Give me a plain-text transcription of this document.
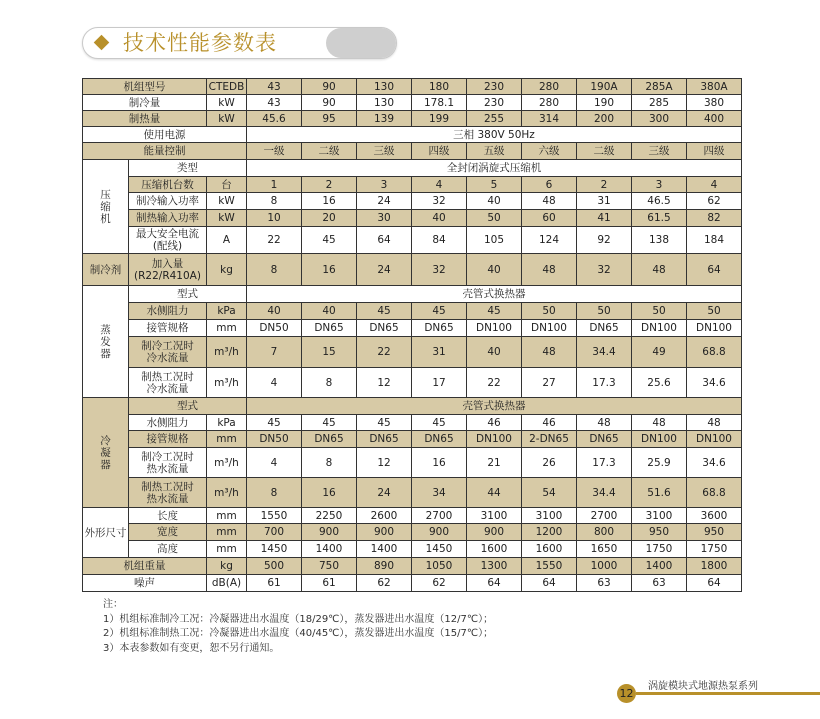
技术性能参数表
机组型号		CTEDB	43	90	130	180	230	280	190A	285A	380A
制冷量		kW	43	90	130	178.1	230	280	190	285	380
制热量		kW	45.6	95	139	199	255	314	200	300	400
使用电源			三相 380V 50Hz								
能量控制			一级	二级	三级	四级	五级	六级	二级	三级	四级
压
缩
机	类型		全封闭涡旋式压缩机								
	压缩机台数	台	1	2	3	4	5	6	2	3	4
	制冷输入功率	kW	8	16	24	32	40	48	31	46.5	62
	制热输入功率	kW	10	20	30	40	50	60	41	61.5	82
	最大安全电流
(配线)	A	22	45	64	84	105	124	92	138	184
制冷剂	加入量
(R22/R410A)	kg	8	16	24	32	40	48	32	48	64
蒸
发
器	型式		壳管式换热器								
	水侧阻力	kPa	40	40	45	45	45	50	50	50	50
	接管规格	mm	DN50	DN65	DN65	DN65	DN100	DN100	DN65	DN100	DN100
	制冷工况时
冷水流量	m³/h	7	15	22	31	40	48	34.4	49	68.8
	制热工况时
冷水流量	m³/h	4	8	12	17	22	27	17.3	25.6	34.6
冷
凝
器	型式		壳管式换热器								
	水侧阻力	kPa	45	45	45	45	46	46	48	48	48
	接管规格	mm	DN50	DN65	DN65	DN65	DN100	2-DN65	DN65	DN100	DN100
	制冷工况时
热水流量	m³/h	4	8	12	16	21	26	17.3	25.9	34.6
	制热工况时
热水流量	m³/h	8	16	24	34	44	54	34.4	51.6	68.8
外形尺寸	长度	mm	1550	2250	2600	2700	3100	3100	2700	3100	3600
	宽度	mm	700	900	900	900	900	1200	800	950	950
	高度	mm	1450	1400	1400	1450	1600	1600	1650	1750	1750
机组重量		kg	500	750	890	1050	1300	1550	1000	1400	1800
噪声		dB(A)	61	61	62	62	64	64	63	63	64
注：
1）机组标准制冷工况：冷凝器进出水温度（18/29℃），蒸发器进出水温度（12/7℃）；
2）机组标准制热工况：冷凝器进出水温度（40/45℃），蒸发器进出水温度（15/7℃）；
3）本表参数如有变更，恕不另行通知。
涡旋模块式地源热泵系列
12
